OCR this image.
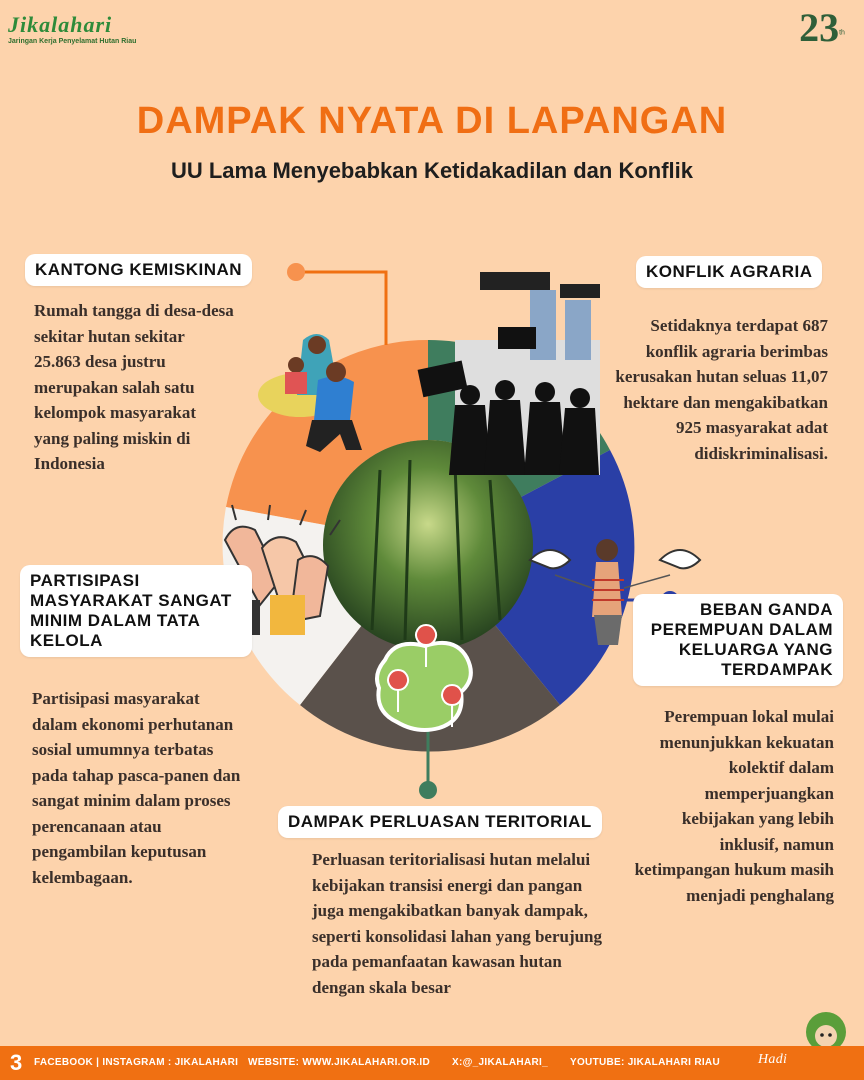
Jikalahari
Jaringan Kerja Penyelamat Hutan Riau	23th
DAMPAK NYATA DI LAPANGAN
UU Lama Menyebabkan Ketidakadilan dan Konflik
KANTONG KEMISKINAN
Rumah tangga di desa-desa sekitar hutan sekitar 25.863 desa justru merupakan salah satu kelompok masyarakat yang paling miskin di Indonesia
KONFLIK AGRARIA
Setidaknya terdapat 687 konflik agraria berimbas kerusakan hutan seluas 11,07 hektare dan mengakibatkan 925 masyarakat adat didiskriminalisasi.
PARTISIPASI MASYARAKAT SANGAT MINIM DALAM TATA KELOLA
Partisipasi masyarakat dalam ekonomi perhutanan sosial umumnya terbatas pada tahap pasca-panen dan sangat minim dalam proses perencanaan atau pengambilan keputusan kelembagaan.
BEBAN GANDA PEREMPUAN DALAM KELUARGA YANG TERDAMPAK
Perempuan lokal mulai menunjukkan kekuatan kolektif dalam memperjuangkan kebijakan yang lebih inklusif, namun ketimpangan hukum masih menjadi penghalang
DAMPAK PERLUASAN TERITORIAL
Perluasan teritorialisasi hutan melalui kebijakan transisi energi dan pangan juga mengakibatkan banyak dampak, seperti konsolidasi lahan yang berujung pada pemanfaatan kawasan hutan dengan skala besar
3 FACEBOOK | INSTAGRAM : JIKALAHARI WEBSITE: WWW.JIKALAHARI.OR.ID X:@_JIKALAHARI_ YOUTUBE: JIKALAHARI RIAU	Hadi
